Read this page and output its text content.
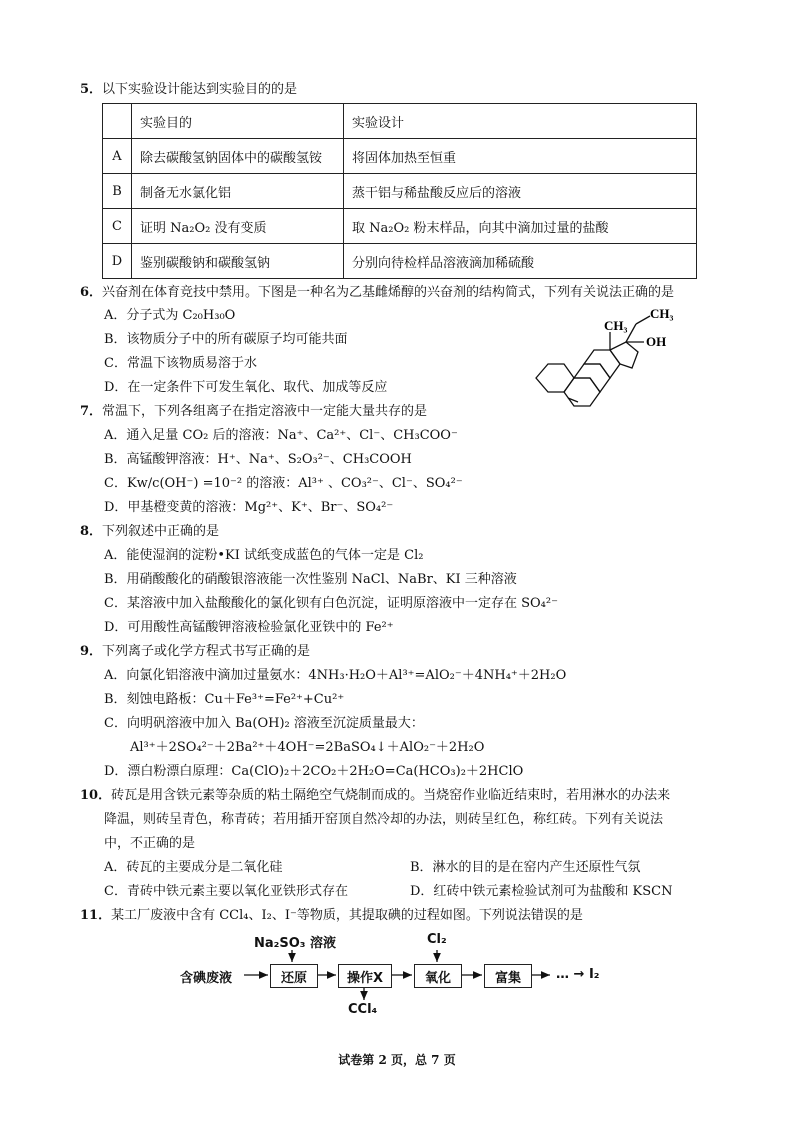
5．以下实验设计能达到实验目的的是
	实验目的	实验设计
A	除去碳酸氢钠固体中的碳酸氢铵	将固体加热至恒重
B	制备无水氯化铝	蒸干铝与稀盐酸反应后的溶液
C	证明 Na₂O₂ 没有变质	取 Na₂O₂ 粉末样品，向其中滴加过量的盐酸
D	鉴别碳酸钠和碳酸氢钠	分别向待检样品溶液滴加稀硫酸
6．兴奋剂在体育竞技中禁用。下图是一种名为乙基雌烯醇的兴奋剂的结构简式，下列有关说法正确的是
A．分子式为 C₂₀H₃₀O
B．该物质分子中的所有碳原子均可能共面
C．常温下该物质易溶于水
D．在一定条件下可发生氧化、取代、加成等反应
CH₃
CH₃
OH
7．常温下，下列各组离子在指定溶液中一定能大量共存的是
A．通入足量 CO₂ 后的溶液：Na⁺、Ca²⁺、Cl⁻、CH₃COO⁻
B．高锰酸钾溶液：H⁺、Na⁺、S₂O₃²⁻、CH₃COOH
C．Kw/c(OH⁻) =10⁻² 的溶液：Al³⁺ 、CO₃²⁻、Cl⁻、SO₄²⁻
D．甲基橙变黄的溶液：Mg²⁺、K⁺、Br⁻、SO₄²⁻
8．下列叙述中正确的是
A．能使湿润的淀粉•KI 试纸变成蓝色的气体一定是 Cl₂
B．用硝酸酸化的硝酸银溶液能一次性鉴别 NaCl、NaBr、KI 三种溶液
C．某溶液中加入盐酸酸化的氯化钡有白色沉淀，证明原溶液中一定存在 SO₄²⁻
D．可用酸性高锰酸钾溶液检验氯化亚铁中的 Fe²⁺
9．下列离子或化学方程式书写正确的是
A．向氯化铝溶液中滴加过量氨水：4NH₃·H₂O＋Al³⁺=AlO₂⁻＋4NH₄⁺＋2H₂O
B．刻蚀电路板：Cu＋Fe³⁺=Fe²⁺+Cu²⁺
C．向明矾溶液中加入 Ba(OH)₂ 溶液至沉淀质量最大：
Al³⁺＋2SO₄²⁻＋2Ba²⁺＋4OH⁻=2BaSO₄↓＋AlO₂⁻＋2H₂O
D．漂白粉漂白原理：Ca(ClO)₂＋2CO₂＋2H₂O=Ca(HCO₃)₂＋2HClO
10．砖瓦是用含铁元素等杂质的粘土隔绝空气烧制而成的。当烧窑作业临近结束时，若用淋水的办法来
降温，则砖呈青色，称青砖；若用插开窑顶自然冷却的办法，则砖呈红色，称红砖。下列有关说法
中，不正确的是
A．砖瓦的主要成分是二氧化硅	B．淋水的目的是在窑内产生还原性气氛
C．青砖中铁元素主要以氧化亚铁形式存在	D．红砖中铁元素检验试剂可为盐酸和 KSCN
11．某工厂废液中含有 CCl₄、I₂、I⁻等物质，其提取碘的过程如图。下列说法错误的是
含碘废液	还原	操作X	氧化	富集	… → I₂
Na₂SO₃ 溶液	Cl₂
CCl₄
试卷第 2 页，总 7 页
